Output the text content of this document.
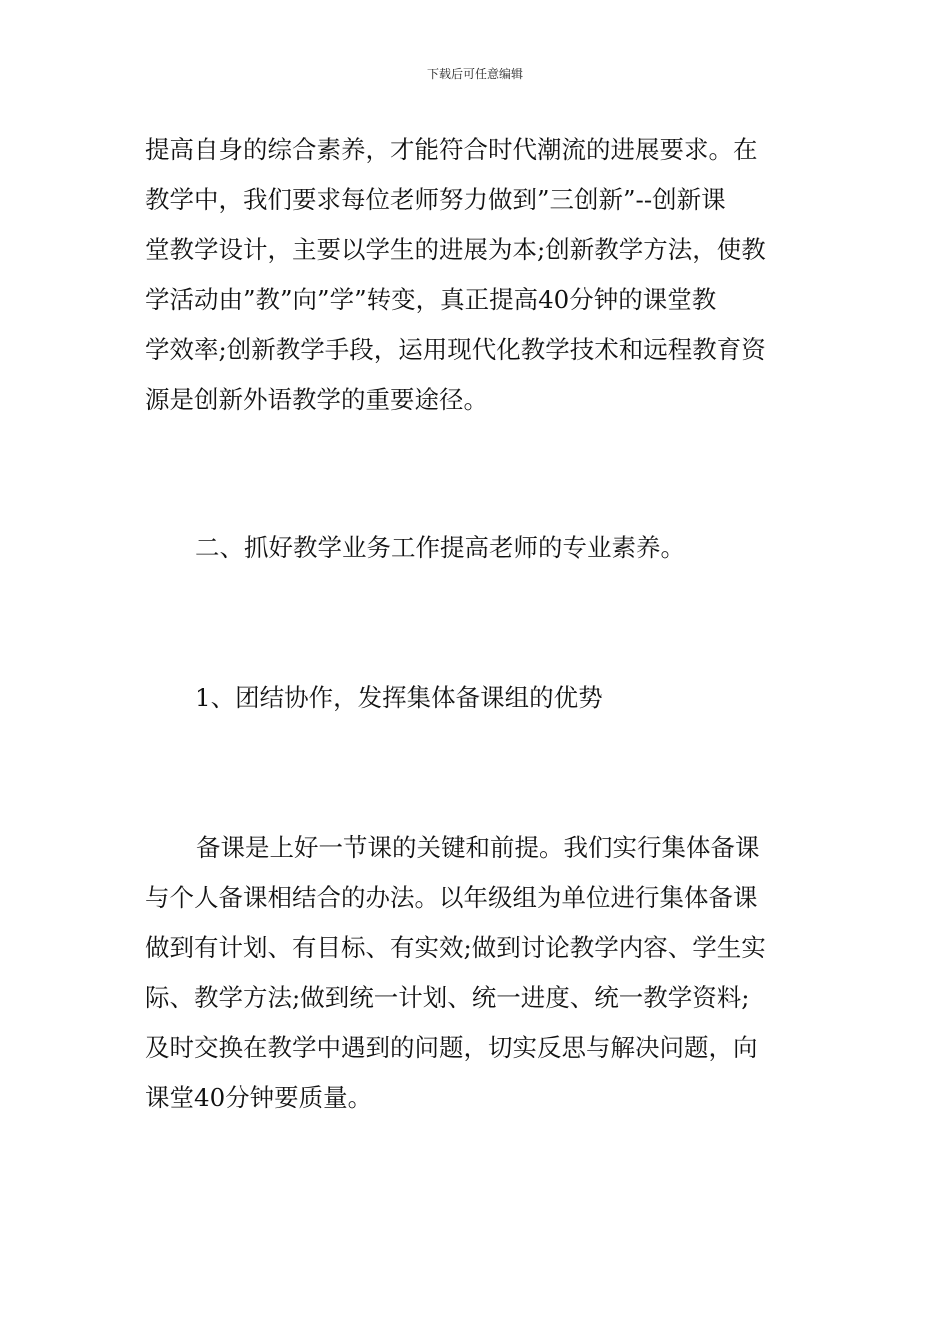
下载后可任意编辑
提高自身的综合素养，才能符合时代潮流的进展要求。在
教学中，我们要求每位老师努力做到”三创新”--创新课
堂教学设计，主要以学生的进展为本;创新教学方法，使教
学活动由”教”向”学”转变，真正提高40分钟的课堂教
学效率;创新教学手段，运用现代化教学技术和远程教育资
源是创新外语教学的重要途径。
二、抓好教学业务工作提高老师的专业素养。
1、团结协作，发挥集体备课组的优势
备课是上好一节课的关键和前提。我们实行集体备课
与个人备课相结合的办法。以年级组为单位进行集体备课
做到有计划、有目标、有实效;做到讨论教学内容、学生实
际、教学方法;做到统一计划、统一进度、统一教学资料;
及时交换在教学中遇到的问题，切实反思与解决问题，向
课堂40分钟要质量。
